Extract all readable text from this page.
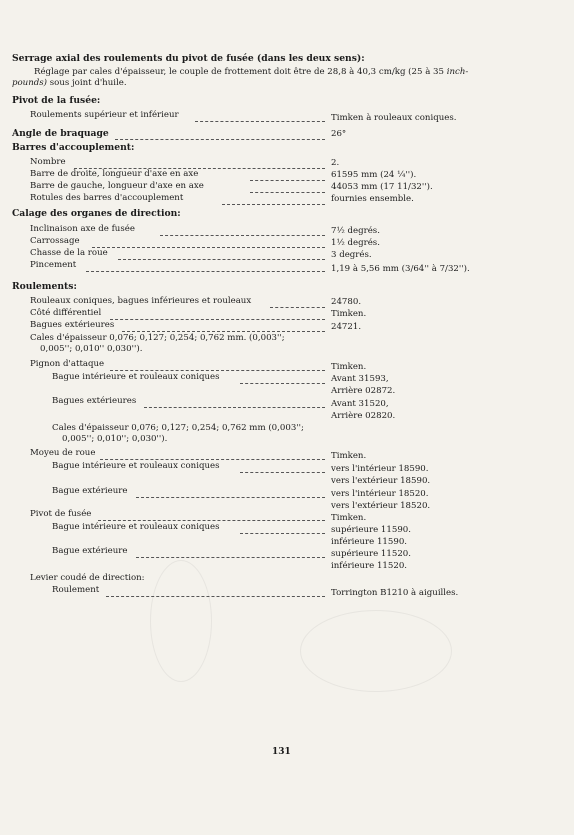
Serrage axial des roulements du pivot de fusée (dans les deux sens):
Réglage par cales d'épaisseur, le couple de frottement doit être de 28,8 à 40,3 cm/kg (25 à 35 inch-
pounds) sous joint d'huile.
Pivot de la fusée:
Roulements supérieur et inférieur	Timken à rouleaux coniques.
Angle de braquage	26°
Barres d'accouplement:
Nombre	2.
Barre de droite, longueur d'axe en axe	61595 mm (24 ¼'').
Barre de gauche, longueur d'axe en axe	44053 mm (17 11/32'').
Rotules des barres d'accouplement	fournies ensemble.
Calage des organes de direction:
Inclinaison axe de fusée	7½ degrés.
Carrossage	1½ degrés.
Chasse de la roue	3 degrés.
Pincement	1,19 à 5,56 mm (3/64'' à 7/32'').
Roulements:
Rouleaux coniques, bagues inférieures et rouleaux	24780.
Côté différentiel	Timken.
Bagues extérieures	24721.
Cales d'épaisseur 0,076; 0,127; 0,254; 0,762 mm. (0,003'';
0,005''; 0,010'' 0,030'').
Pignon d'attaque	Timken.
Bague intérieure et rouleaux coniques	Avant 31593,
Arrière 02872.
Bagues extérieures	Avant 31520,
Arrière 02820.
Cales d'épaisseur 0,076; 0,127; 0,254; 0,762 mm (0,003'';
0,005''; 0,010''; 0,030'').
Moyeu de roue	Timken.
Bague intérieure et rouleaux coniques	vers l'intérieur 18590.
vers l'extérieur 18590.
Bague extérieure	vers l'intérieur 18520.
vers l'extérieur 18520.
Pivot de fusée	Timken.
Bague intérieure et rouleaux coniques	supérieure 11590.
inférieure 11590.
Bague extérieure	supérieure 11520.
inférieure 11520.
Levier coudé de direction:
Roulement	Torrington B1210 à aiguilles.
131
